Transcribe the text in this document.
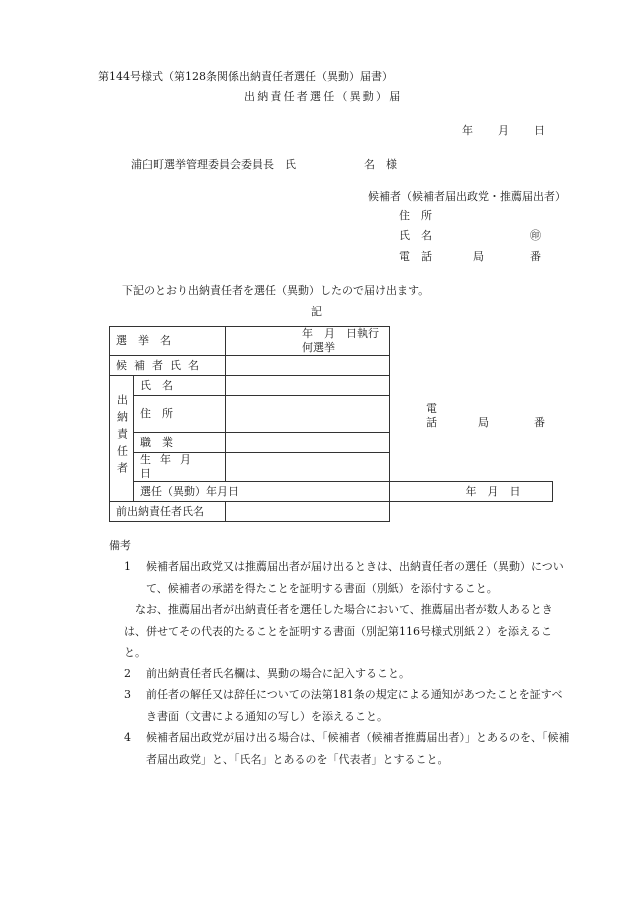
第144号様式（第128条関係出納責任者選任（異動）届書）
出納責任者選任（異動）届
年 月 日
浦臼町選挙管理委員会委員長　氏	名　様
候補者（候補者届出政党・推薦届出者）
住　所
氏　名	㊞
電　話	局	番
下記のとおり出納責任者を選任（異動）したので届け出ます。
記
選　挙　名		年　月　日執行何選挙	
候補者氏名			
出納責任者	氏　名		
	住　所	電話 局 番	

	職　業		
	生年月日		
	選任（異動）年月日		年　月　日
前出納責任者氏名			
備考
1	候補者届出政党又は推薦届出者が届け出るときは、出納責任者の選任（異動）について、候補者の承諾を得たことを証明する書面（別紙）を添付すること。
なお、推薦届出者が出納責任者を選任した場合において、推薦届出者が数人あるときは、併せてその代表的たることを証明する書面（別記第116号様式別紙２）を添えること。
2	前出納責任者氏名欄は、異動の場合に記入すること。
3	前任者の解任又は辞任についての法第181条の規定による通知があつたことを証すべき書面（文書による通知の写し）を添えること。
4	候補者届出政党が届け出る場合は、「候補者（候補者推薦届出者）」とあるのを、「候補者届出政党」と、「氏名」とあるのを「代表者」とすること。
